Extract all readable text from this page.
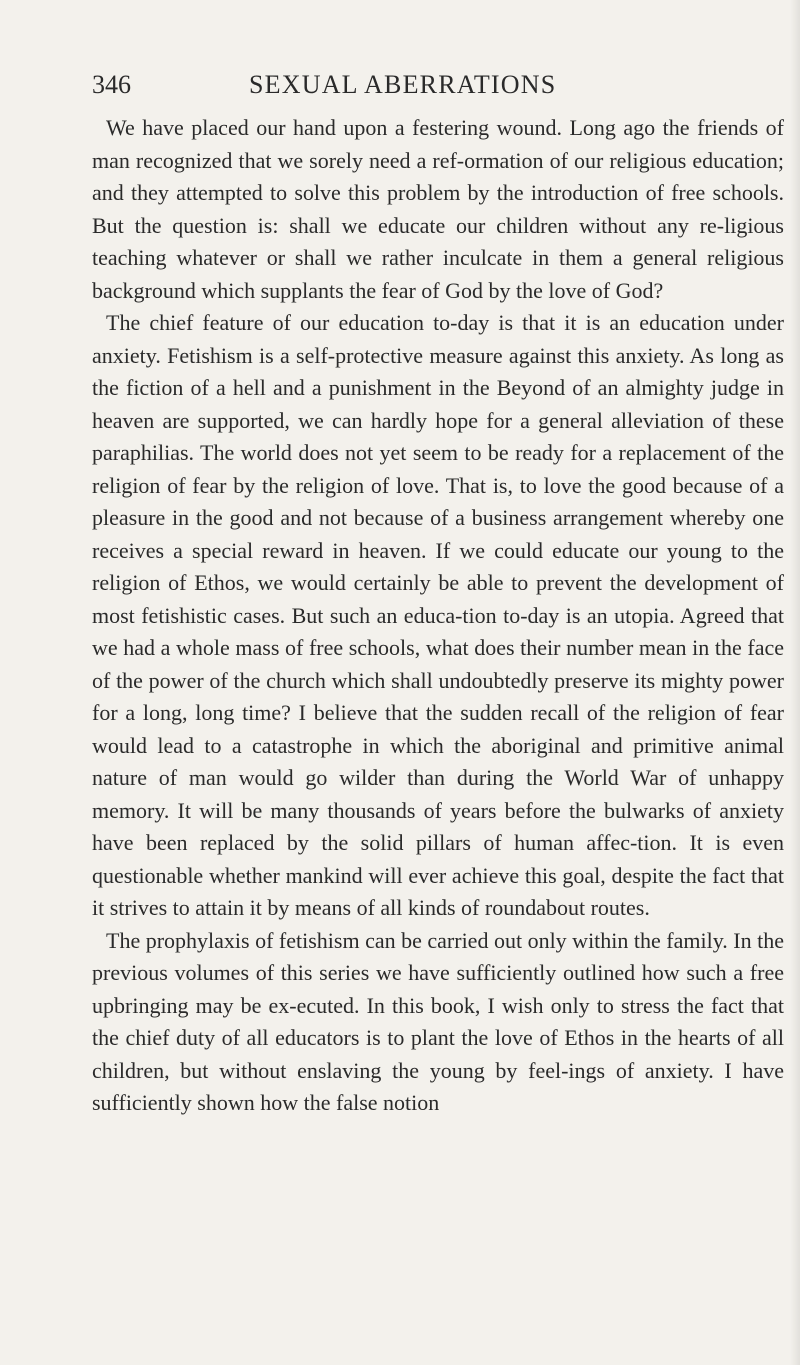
346	SEXUAL ABERRATIONS

We have placed our hand upon a festering wound. Long ago the friends of man recognized that we sorely need a ref-ormation of our religious education; and they attempted to solve this problem by the introduction of free schools. But the question is: shall we educate our children without any re-ligious teaching whatever or shall we rather inculcate in them a general religious background which supplants the fear of God by the love of God?

The chief feature of our education to-day is that it is an education under anxiety. Fetishism is a self-protective measure against this anxiety. As long as the fiction of a hell and a punishment in the Beyond of an almighty judge in heaven are supported, we can hardly hope for a general alleviation of these paraphilias. The world does not yet seem to be ready for a replacement of the religion of fear by the religion of love. That is, to love the good because of a pleasure in the good and not because of a business arrangement whereby one receives a special reward in heaven. If we could educate our young to the religion of Ethos, we would certainly be able to prevent the development of most fetishistic cases. But such an educa-tion to-day is an utopia. Agreed that we had a whole mass of free schools, what does their number mean in the face of the power of the church which shall undoubtedly preserve its mighty power for a long, long time? I believe that the sudden recall of the religion of fear would lead to a catastrophe in which the aboriginal and primitive animal nature of man would go wilder than during the World War of unhappy memory. It will be many thousands of years before the bulwarks of anxiety have been replaced by the solid pillars of human affec-tion. It is even questionable whether mankind will ever achieve this goal, despite the fact that it strives to attain it by means of all kinds of roundabout routes.

The prophylaxis of fetishism can be carried out only within the family. In the previous volumes of this series we have sufficiently outlined how such a free upbringing may be ex-ecuted. In this book, I wish only to stress the fact that the chief duty of all educators is to plant the love of Ethos in the hearts of all children, but without enslaving the young by feel-ings of anxiety. I have sufficiently shown how the false notion
